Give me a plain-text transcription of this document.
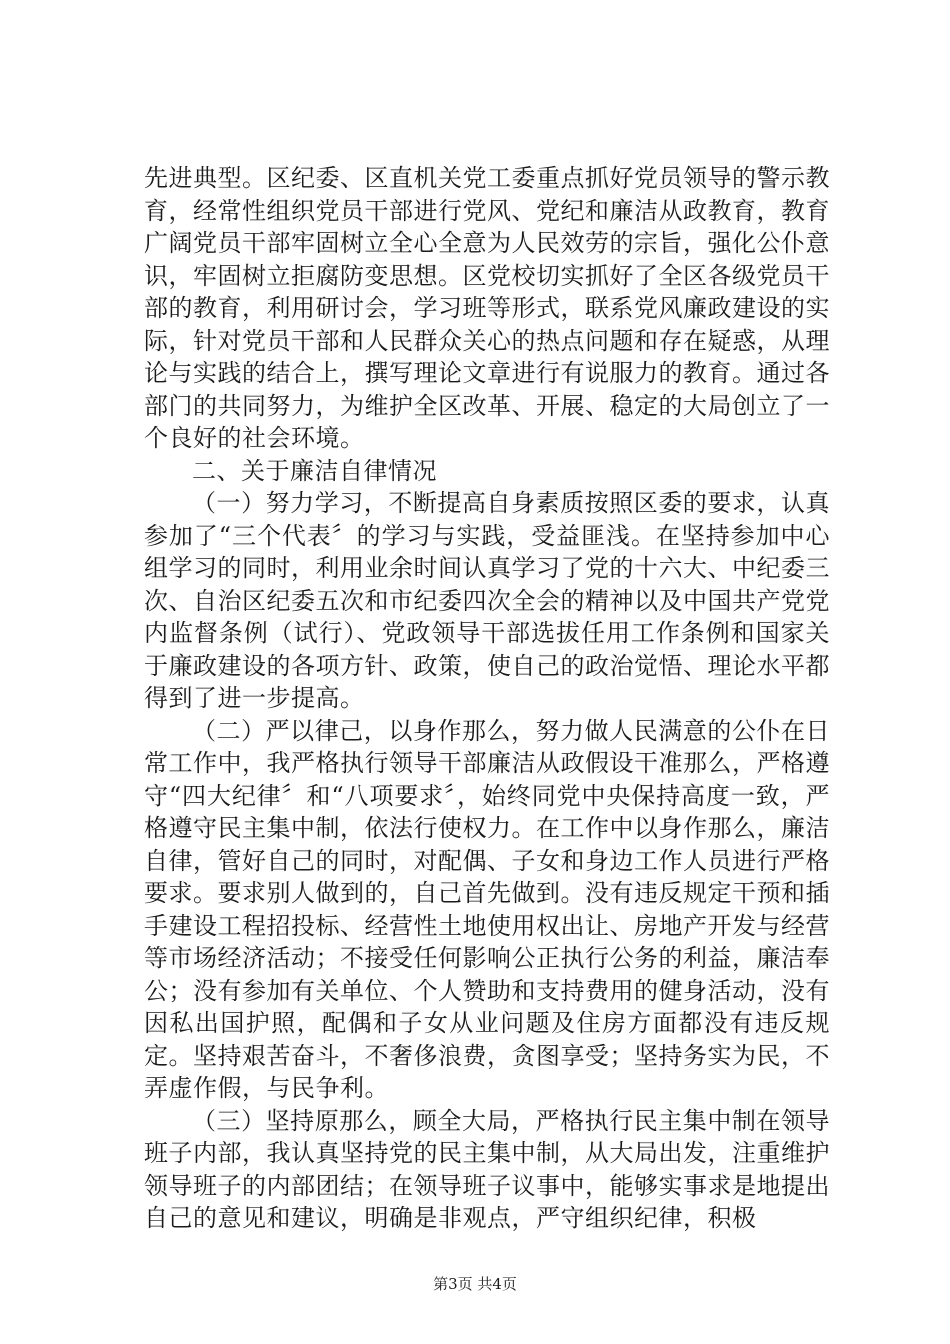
先进典型。区纪委、区直机关党工委重点抓好党员领导的警示教育，经常性组织党员干部进行党风、党纪和廉洁从政教育，教育广阔党员干部牢固树立全心全意为人民效劳的宗旨，强化公仆意识，牢固树立拒腐防变思想。区党校切实抓好了全区各级党员干部的教育，利用研讨会，学习班等形式，联系党风廉政建设的实际，针对党员干部和人民群众关心的热点问题和存在疑惑，从理论与实践的结合上，撰写理论文章进行有说服力的教育。通过各部门的共同努力，为维护全区改革、开展、稳定的大局创立了一个良好的社会环境。

二、关于廉洁自律情况

（一）努力学习，不断提高自身素质按照区委的要求，认真参加了“三个代表〞的学习与实践，受益匪浅。在坚持参加中心组学习的同时，利用业余时间认真学习了党的十六大、中纪委三次、自治区纪委五次和市纪委四次全会的精神以及中国共产党党内监督条例（试行）、党政领导干部选拔任用工作条例和国家关于廉政建设的各项方针、政策，使自己的政治觉悟、理论水平都得到了进一步提高。

（二）严以律己，以身作那么，努力做人民满意的公仆在日常工作中，我严格执行领导干部廉洁从政假设干准那么，严格遵守“四大纪律〞和“八项要求〞，始终同党中央保持高度一致，严格遵守民主集中制，依法行使权力。在工作中以身作那么，廉洁自律，管好自己的同时，对配偶、子女和身边工作人员进行严格要求。要求别人做到的，自己首先做到。没有违反规定干预和插手建设工程招投标、经营性土地使用权出让、房地产开发与经营等市场经济活动；不接受任何影响公正执行公务的利益，廉洁奉公；没有参加有关单位、个人赞助和支持费用的健身活动，没有因私出国护照，配偶和子女从业问题及住房方面都没有违反规定。坚持艰苦奋斗，不奢侈浪费，贪图享受；坚持务实为民，不弄虚作假，与民争利。

（三）坚持原那么，顾全大局，严格执行民主集中制在领导班子内部，我认真坚持党的民主集中制，从大局出发，注重维护领导班子的内部团结；在领导班子议事中，能够实事求是地提出自己的意见和建议，明确是非观点，严守组织纪律，积极

第3页 共4页
